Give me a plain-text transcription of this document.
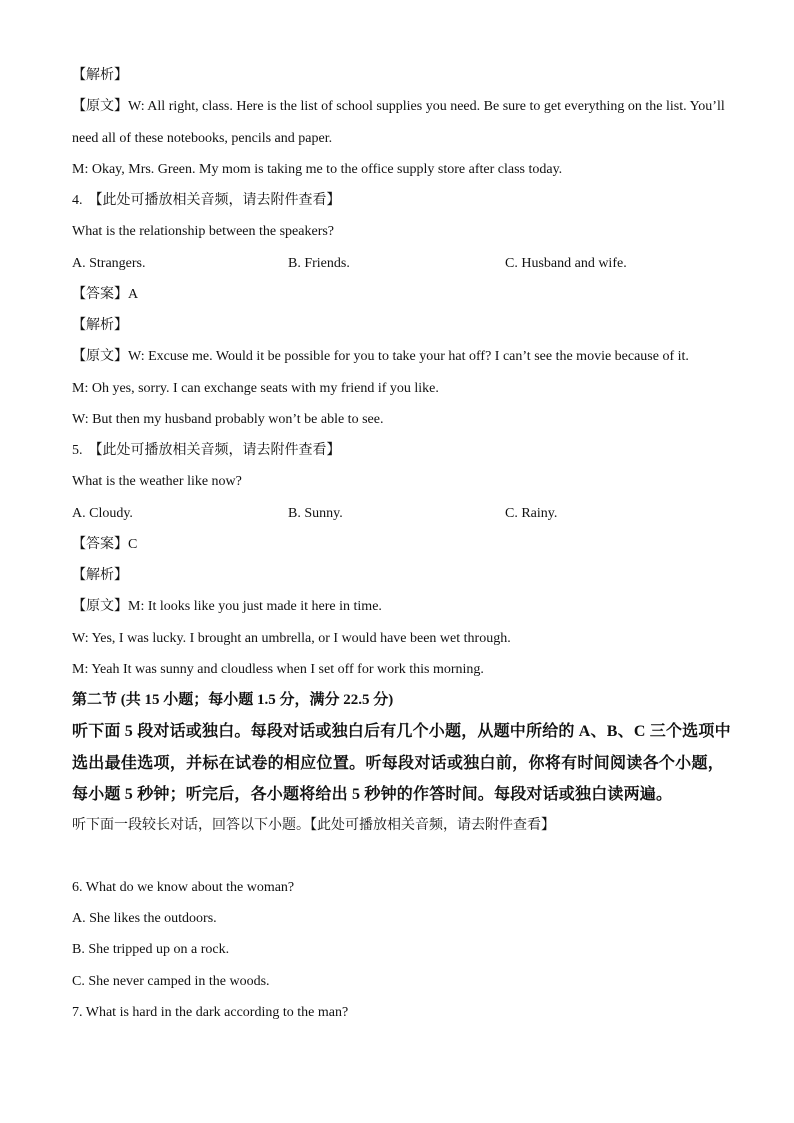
【解析】
【原文】W: All right, class. Here is the list of school supplies you need. Be sure to get everything on the list. You’ll
need all of these notebooks, pencils and paper.
M: Okay, Mrs. Green. My mom is taking me to the office supply store after class today.
4. 【此处可播放相关音频，请去附件查看】
What is the relationship between the speakers?
A. Strangers.	B. Friends.	C. Husband and wife.
【答案】A
【解析】
【原文】W: Excuse me. Would it be possible for you to take your hat off? I can’t see the movie because of it.
M: Oh yes, sorry. I can exchange seats with my friend if you like.
W: But then my husband probably won’t be able to see.
5. 【此处可播放相关音频，请去附件查看】
What is the weather like now?
A. Cloudy.	B. Sunny.	C. Rainy.
【答案】C
【解析】
【原文】M: It looks like you just made it here in time.
W: Yes, I was lucky. I brought an umbrella, or I would have been wet through.
M: Yeah It was sunny and cloudless when I set off for work this morning.
第二节 (共 15 小题；每小题 1.5 分，满分 22.5 分)
听下面 5 段对话或独白。每段对话或独白后有几个小题，从题中所给的 A、B、C 三个选项中
选出最佳选项，并标在试卷的相应位置。听每段对话或独白前，你将有时间阅读各个小题，
每小题 5 秒钟；听完后，各小题将给出 5 秒钟的作答时间。每段对话或独白读两遍。
听下面一段较长对话，回答以下小题。【此处可播放相关音频，请去附件查看】
6. What do we know about the woman?
A. She likes the outdoors.
B. She tripped up on a rock.
C. She never camped in the woods.
7. What is hard in the dark according to the man?
